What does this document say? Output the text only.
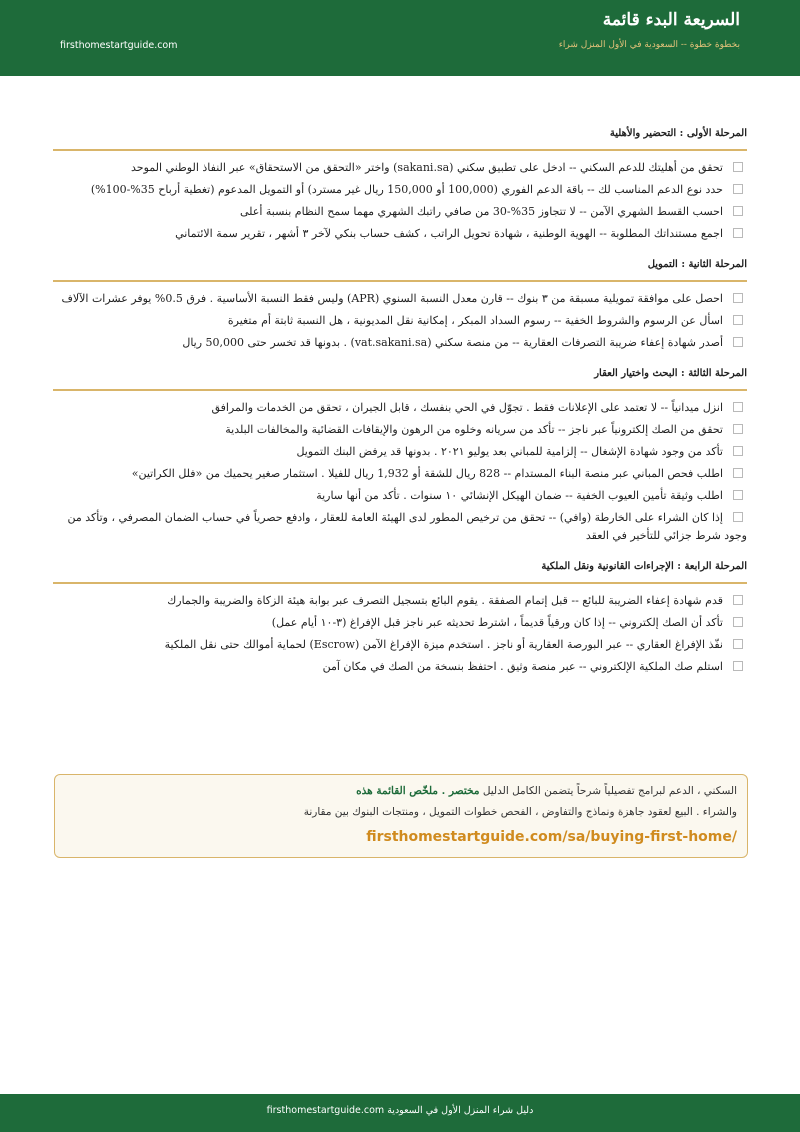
السريعة البدء قائمة
بخطوة خطوة -- السعودية في الأول المنزل شراء
firsthomestartguide.com
المرحلة الأولى : التحضير والأهلية
تحقق من أهليتك للدعم السكني -- ادخل على تطبيق سكني (sakani.sa) واختر «التحقق من الاستحقاق» عبر النفاذ الوطني الموحد
حدد نوع الدعم المناسب لك -- باقة الدعم الفوري (100,000 أو 150,000 ريال غير مسترد) أو التمويل المدعوم (تغطية أرباح 35%-100%)
احسب القسط الشهري الآمن -- لا تتجاوز 35%-30 من صافي راتبك الشهري مهما سمح النظام بنسبة أعلى
اجمع مستنداتك المطلوبة -- الهوية الوطنية ، شهادة تحويل الراتب ، كشف حساب بنكي لآخر ٣ أشهر ، تقرير سمة الائتماني
المرحلة الثانية : التمويل
احصل على موافقة تمويلية مسبقة من ٣ بنوك -- قارن معدل النسبة السنوي (APR) وليس فقط النسبة الأساسية . فرق 0.5% يوفر عشرات الآلاف
اسأل عن الرسوم والشروط الخفية -- رسوم السداد المبكر ، إمكانية نقل المديونية ، هل النسبة ثابتة أم متغيرة
أصدر شهادة إعفاء ضريبة التصرفات العقارية -- من منصة سكني (vat.sakani.sa) . بدونها قد تخسر حتى 50,000 ريال
المرحلة الثالثة : البحث واختيار العقار
انزل ميدانياً -- لا تعتمد على الإعلانات فقط . تجوّل في الحي بنفسك ، قابل الجيران ، تحقق من الخدمات والمرافق
تحقق من الصك إلكترونياً عبر ناجز -- تأكد من سريانه وخلوه من الرهون والإيقافات القضائية والمخالفات البلدية
تأكد من وجود شهادة الإشغال -- إلزامية للمباني بعد يوليو ٢٠٢١ . بدونها قد يرفض البنك التمويل
اطلب فحص المباني عبر منصة البناء المستدام -- 828 ريال للشقة أو 1,932 ريال للفيلا . استثمار صغير يحميك من «فلل الكراتين»
اطلب وثيقة تأمين العيوب الخفية -- ضمان الهيكل الإنشائي ١٠ سنوات . تأكد من أنها سارية
إذا كان الشراء على الخارطة (وافي) -- تحقق من ترخيص المطور لدى الهيئة العامة للعقار ، وادفع حصرياً في حساب الضمان المصرفي ، وتأكد من وجود شرط جزائي للتأخير في العقد
المرحلة الرابعة : الإجراءات القانونية ونقل الملكية
قدم شهادة إعفاء الضريبة للبائع -- قبل إتمام الصفقة . يقوم البائع بتسجيل التصرف عبر بوابة هيئة الزكاة والضريبة والجمارك
تأكد أن الصك إلكتروني -- إذا كان ورقياً قديماً ، اشترط تحديثه عبر ناجز قبل الإفراغ (٣-١٠ أيام عمل)
نفّذ الإفراغ العقاري -- عبر البورصة العقارية أو ناجز . استخدم ميزة الإفراغ الآمن (Escrow) لحماية أموالك حتى نقل الملكية
استلم صك الملكية الإلكتروني -- عبر منصة وثيق . احتفظ بنسخة من الصك في مكان آمن
السكني ، الدعم لبرامج تفصيلياً شرحاً يتضمن الكامل الدليل مختصر . ملخّص القائمة هذه
والشراء . البيع لعقود جاهزة ونماذج والتفاوض ، الفحص خطوات التمويل ، ومنتجات البنوك بين مقارنة
firsthomestartguide.com/sa/buying-first-home/
دليل شراء المنزل الأول في السعودية firsthomestartguide.com
